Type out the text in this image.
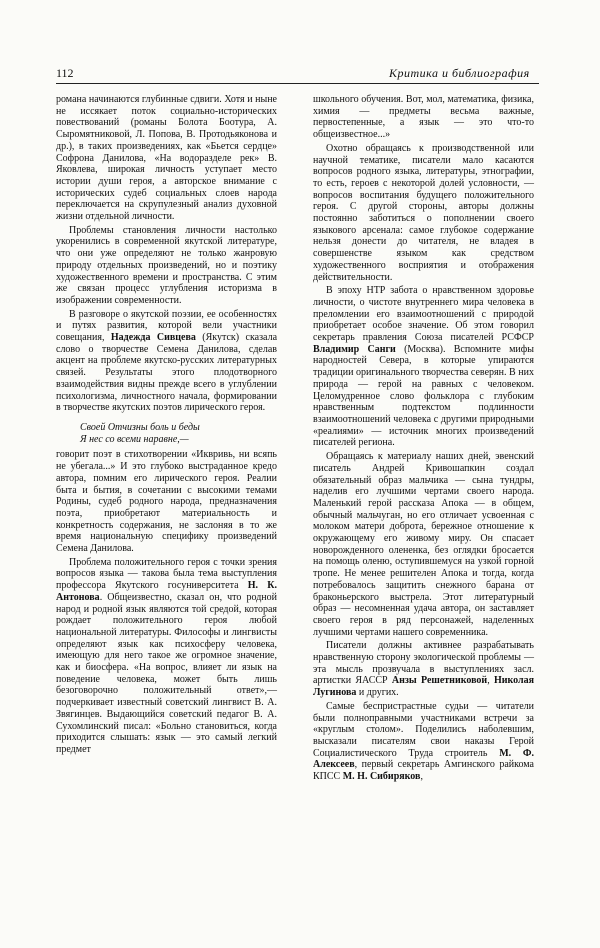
112	Критика и библиография

романа начинаются глубинные сдвиги. Хотя и ныне не иссякает поток социально-исторических повествований (романы Болота Боотура, А. Сыромятниковой, Л. Попова, В. Протодьяконова и др.), в таких произведениях, как «Бьется сердце» Софрона Данилова, «На водоразделе рек» В. Яковлева, широкая личность уступает место истории души героя, а авторское внимание с исторических судеб социальных слоев народа переключается на скрупулезный анализ духовной жизни отдельной личности.

Проблемы становления личности настолько укоренились в современной якутской литературе, что они уже определяют не только жанровую природу отдельных произведений, но и поэтику художественного времени и пространства. С этим же связан процесс углубления историзма в изображении современности.

В разговоре о якутской поэзии, ее особенностях и путях развития, которой вели участники совещания, Надежда Сивцева (Якутск) сказала слово о творчестве Семена Данилова, сделав акцент на проблеме якутско-русских литературных связей. Результаты этого плодотворного взаимодействия видны прежде всего в углублении психологизма, личностного начала, формировании в творчестве якутских поэтов лирического героя.

Своей Отчизны боль и беды
Я нес со всеми наравне,—

говорит поэт в стихотворении «Иквривь, ни всяпь не убегала...» И это глубоко выстраданное кредо автора, помним его лирического героя. Реалии быта и бытия, в сочетании с высокими темами Родины, судеб родного народа, предназначения поэта, приобретают материальность и конкретность содержания, не заслоняя в то же время национальную специфику произведений Семена Данилова.

Проблема положительного героя с точки зрения вопросов языка — такова была тема выступления профессора Якутского госуниверситета Н. К. Антонова. Общеизвестно, сказал он, что родной народ и родной язык являются той средой, которая рождает положительного героя любой национальной литературы. Философы и лингвисты определяют язык как психосферу человека, имеющую для него такое же огромное значение, как и биосфера. «На вопрос, влияет ли язык на поведение человека, может быть лишь безоговорочно положительный ответ»,— подчеркивает известный советский лингвист В. А. Звягинцев. Выдающийся советский педагог В. А. Сухомлинский писал: «Больно становиться, когда приходится слышать: язык — это самый легкий предмет

школьного обучения. Вот, мол, математика, физика, химия — предметы весьма важные, первостепенные, а язык — это что-то общеизвестное...»

Охотно обращаясь к производственной или научной тематике, писатели мало касаются вопросов родного языка, литературы, этнографии, то есть, героев с некоторой долей условности, — вопросов воспитания будущего положительного героя. С другой стороны, авторы должны постоянно заботиться о пополнении своего языкового арсенала: самое глубокое содержание нельзя донести до читателя, не владея в совершенстве языком как средством художественного восприятия и отображения действительности.

В эпоху НТР забота о нравственном здоровье личности, о чистоте внутреннего мира человека в преломлении его взаимоотношений с природой приобретает особое значение. Об этом говорил секретарь правления Союза писателей РСФСР Владимир Санги (Москва). Вспомните мифы народностей Севера, в которые упираются традиции оригинального творчества северян. В них природа — герой на равных с человеком. Целомудренное слово фольклора с глубоким нравственным подтекстом подлинности взаимоотношений человека с другими природными «реалиями» — источник многих произведений писателей региона.

Обращаясь к материалу наших дней, эвенский писатель Андрей Кривошапкин создал обязательный образ мальчика — сына тундры, наделив его лучшими чертами своего народа. Маленький герой рассказа Апока — в общем, обычный мальчуган, но его отличает усвоенная с молоком матери доброта, бережное отношение к окружающему его живому миру. Он спасает новорожденного олененка, без оглядки бросается на помощь оленю, оступившемуся на узкой горной тропе. Не менее решителен Апока и тогда, когда потребовалось защитить снежного барана от браконьерского выстрела. Этот литературный образ — несомненная удача автора, он заставляет своего героя в ряд персонажей, наделенных лучшими чертами нашего современника.

Писатели должны активнее разрабатывать нравственную сторону экологической проблемы — эта мысль прозвучала в выступлениях засл. артистки ЯАССР Анзы Решетниковой, Николая Лугинова и других.

Самые беспристрастные судьи — читатели были полноправными участниками встречи за «круглым столом». Поделились наболевшим, высказали писателям свои наказы Герой Социалистического Труда строитель М. Ф. Алексеев, первый секретарь Амгинского райкома КПСС М. Н. Сибиряков,
